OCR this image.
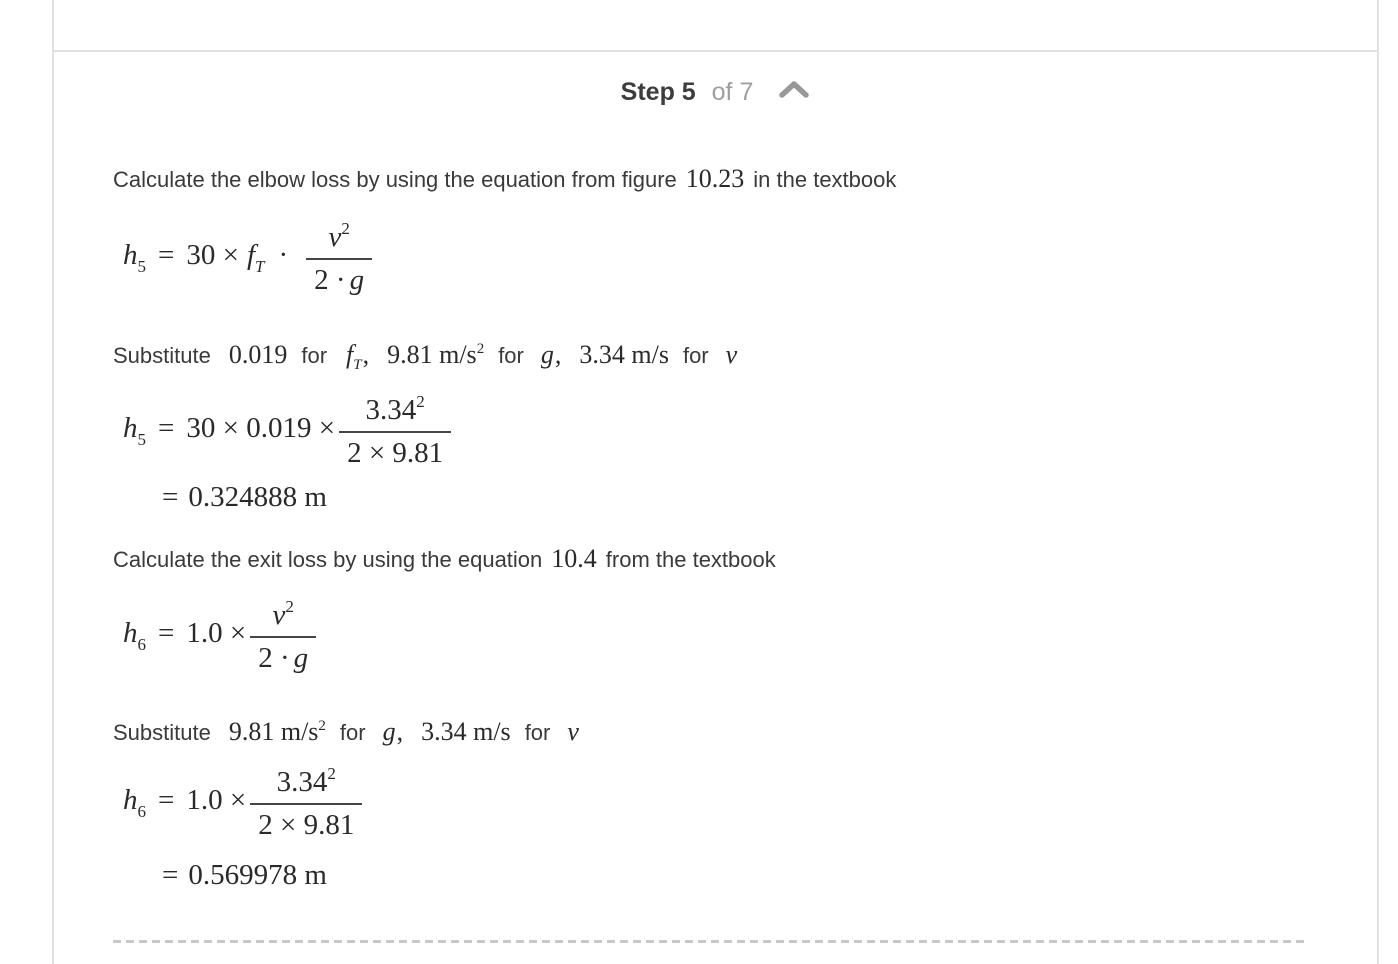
Step 5 of 7
Calculate the elbow loss by using the equation from figure 10.23 in the textbook
$h_5 = 30 \times f_T \cdot \frac{v^2}{2 \cdot g}$
Substitute 0.019 for $f_T$, 9.81 $m/s^2$ for g, 3.34 m/s for v
$h_5 = 30 \times 0.019 \times \frac{3.34^2}{2 \times 9.81}$
= 0.324888 m
Calculate the exit loss by using the equation 10.4 from the textbook
$h_6 = 1.0 \times \frac{v^2}{2 \cdot g}$
Substitute 9.81 $m/s^2$ for g, 3.34 m/s for v
$h_6 = 1.0 \times \frac{3.34^2}{2 \times 9.81}$
= 0.569978 m
